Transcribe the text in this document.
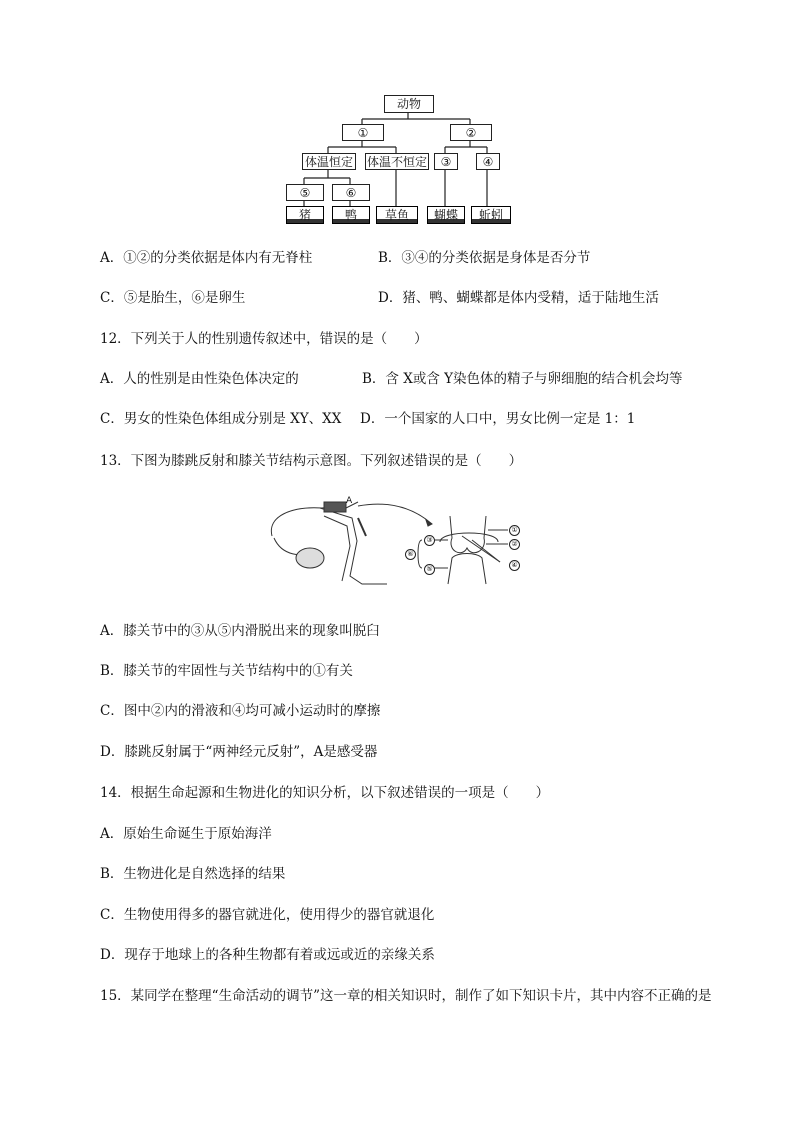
动物
①	②
体温恒定 体温不恒定	③	④
⑤	⑥
猪	鸭	草鱼	蝴蝶	蚯蚓
A．①②的分类依据是体内有无脊柱	B．③④的分类依据是身体是否分节
C．⑤是胎生，⑥是卵生	D．猪、鸭、蝴蝶都是体内受精，适于陆地生活
12．下列关于人的性别遗传叙述中，错误的是（　　）
A．人的性别是由性染色体决定的	B．含 X或含 Y染色体的精子与卵细胞的结合机会均等
C．男女的性染色体组成分别是 XY、XX D．一个国家的人口中，男女比例一定是 1：1
13．下图为膝跳反射和膝关节结构示意图。下列叙述错误的是（　　）
A
①
②
③
④
⑤
⑥
A．膝关节中的③从⑤内滑脱出来的现象叫脱臼
B．膝关节的牢固性与关节结构中的①有关
C．图中②内的滑液和④均可减小运动时的摩擦
D．膝跳反射属于“两神经元反射”，A是感受器
14．根据生命起源和生物进化的知识分析，以下叙述错误的一项是（　　）
A．原始生命诞生于原始海洋
B．生物进化是自然选择的结果
C．生物使用得多的器官就进化，使用得少的器官就退化
D．现存于地球上的各种生物都有着或远或近的亲缘关系
15．某同学在整理“生命活动的调节”这一章的相关知识时，制作了如下知识卡片，其中内容不正确的是
